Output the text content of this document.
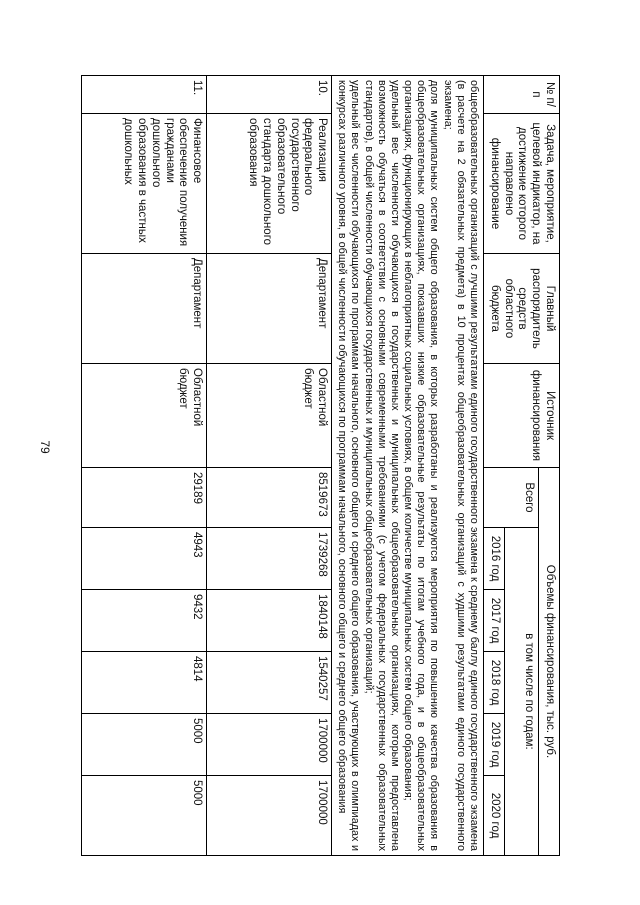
79
№ п/п	Задача, мероприятие, целевой индикатор, на достижение которого направлено финансирование	Главный распорядитель средств областного бюджета	Источник финансирования	Объемы финансирования, тыс. руб.					
				Всего	в том числе по годам:				
					2016 год	2017 год	2018 год	2019 год	2020 год

общеобразовательных организаций с лучшими результатами единого государственного экзамена к среднему баллу единого государственного экзамена (в расчете на 2 обязательных предмета) в 10 процентах общеобразовательных организаций с худшими результатами единого государственного экзамена;

доля муниципальных систем общего образования, в которых разработаны и реализуются мероприятия по повышению качества образования в общеобразовательных организациях, показавших низкие образовательные результаты по итогам учебного года, и в общеобразовательных организациях, функционирующих в неблагоприятных социальных условиях, в общем количестве муниципальных систем общего образования;

удельный вес численности обучающихся в государственных и муниципальных общеобразовательных организациях, которым предоставлена возможность обучаться в соответствии с основными современными требованиями (с учетом федеральных государственных образовательных стандартов), в общей численности обучающихся государственных и муниципальных общеобразовательных организаций;

удельный вес численности обучающихся по программам начального, основного общего и среднего общего образования, участвующих в олимпиадах и конкурсах различного уровня, в общей численности обучающихся по программам начального, основного общего и среднего общего образования									

10.	Реализация федерального государственного образовательного стандарта дошкольного образования	Департамент	Областной бюджет	8519673	1739268	1840148	1540257	1700000	1700000
11.	Финансовое обеспечение получения гражданами дошкольного образования в частных дошкольных	Департамент	Областной бюджет	29189	4943	9432	4814	5000	5000
